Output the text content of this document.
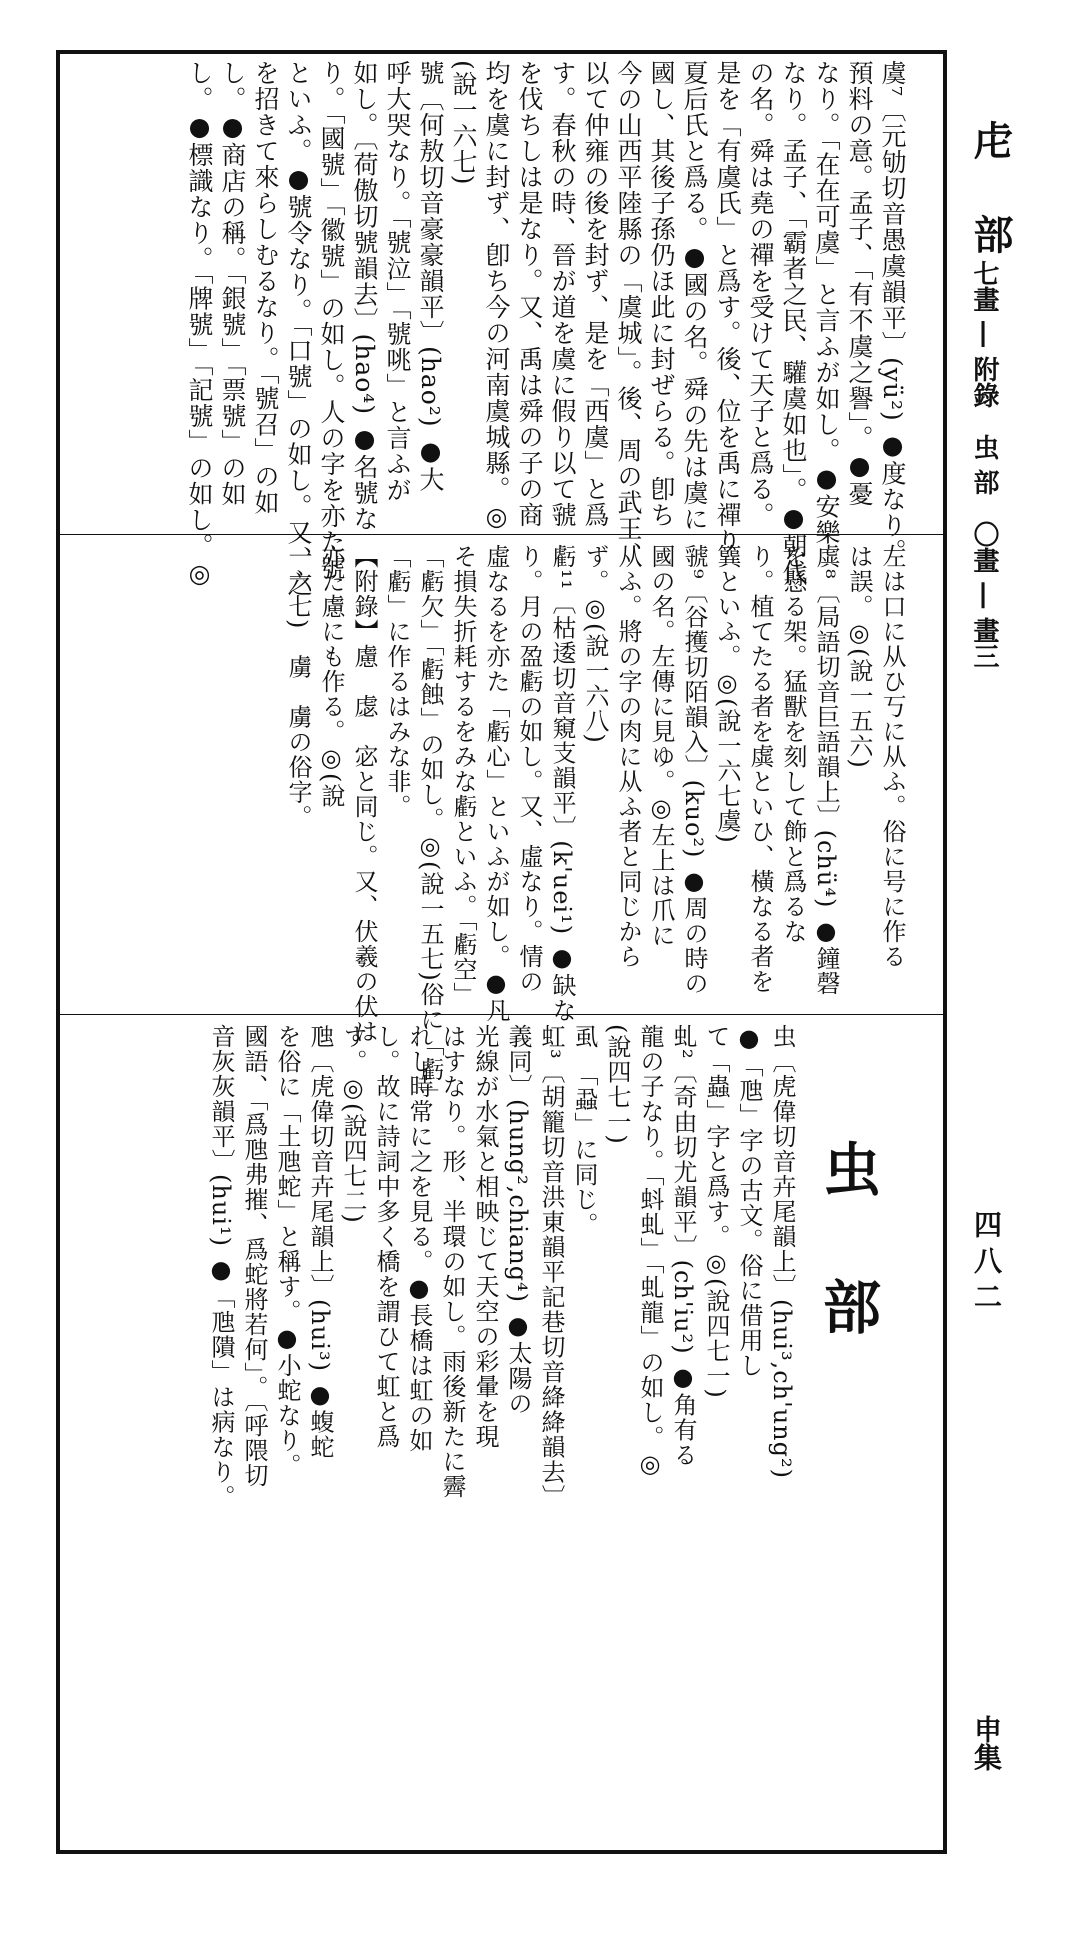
虍 部
七畫 ― 附錄　虫 部　〇畫 ― 畫三
四八二
申集
虫 部
虞⁷〔元劬切音愚虞韻平〕(yü²) ●度なり。
預料の意。孟子、「有不虞之譽」。●憂
なり。「在在可虞」と言ふが如し。●安樂
なり。孟子、「霸者之民、驩虞如也」。●朝代
の名。舜は堯の禪を受けて天子と爲る。
是を「有虞氏」と爲す。後、位を禹に禪り
夏后氏と爲る。●國の名。舜の先は虞に
國し、其後子孫仍ほ此に封ぜらる。卽ち
今の山西平陸縣の「虞城」。後、周の武王、
以て仲雍の後を封ず、是を「西虞」と爲
す。春秋の時、晉が道を虞に假り以て虢
を伐ちしは是なり。又、禹は舜の子の商
均を虞に封ず、卽ち今の河南虞城縣。◎
(說一六七)
號〔何敖切音豪豪韻平〕(hao²) ●大
呼大哭なり。「號泣」「號咷」と言ふが
如し。〔荷傲切號韻去〕(hao⁴) ●名號な
り。「國號」「徽號」の如し。人の字を亦た號
といふ。●號令なり。「口號」の如し。又、之
を招きて來らしむるなり。「號召」の如
し。●商店の稱。「銀號」「票號」の如
し。●標識なり。「牌號」「記號」の如し。◎
左は口に从ひ丂に从ふ。俗に号に作る
は誤。◎(說一五六)
虡⁸〔局語切音巨語韻上〕(chü⁴) ●鐘磬
を懸る架。猛獸を刻して飾と爲るな
り。植てたる者を虡といひ、橫なる者を
簨といふ。◎(說一六七虞)
虢⁹〔谷擭切陌韻入〕(kuo²) ●周の時の
國の名。左傳に見ゆ。◎左上は爪に
从ふ。將の字の肉に从ふ者と同じから
ず。◎(說一六八)
虧¹¹〔枯逶切音窺支韻平〕(k'uei¹) ●缺な
り。月の盈虧の如し。又、虛なり。情の
虛なるを亦た「虧心」といふが如し。●凡
そ損失折耗するをみな虧といふ。「虧空」
「虧欠」「虧蝕」の如し。◎(說一五七)俗に「虧」
「虧」に作るはみな非。
【附錄】慮　虙　宓と同じ。又、伏羲の伏は
亦た慮にも作る。◎(說
一六七)　虜　虜の俗字。
虫〔虎偉切音卉尾韻上〕(hui³,ch'ung²)
●「虺」字の古文。俗に借用し
て「蟲」字と爲す。◎(說四七一)
虬²〔奇由切尤韻平〕(ch'iu²) ●角有る
龍の子なり。「蚪虬」「虬龍」の如し。◎
(說四七一)
虱　「蝨」に同じ。
虹³〔胡籠切音洪東韻平記巷切音絳絳韻去〕
義同〕(hung²,chiang⁴) ●太陽の
光線が水氣と相映じて天空の彩暈を現
はすなり。形、半環の如し。雨後新たに霽
れし時常に之を見る。●長橋は虹の如
し。故に詩詞中多く橋を謂ひて虹と爲
す。◎(說四七二)
虺〔虎偉切音卉尾韻上〕(hui³) ●蝮蛇
を俗に「土虺蛇」と稱す。●小蛇なり。
國語、「爲虺弗摧、爲蛇將若何」。〔呼隈切
音灰灰韻平〕(hui¹) ●「虺隤」は病なり。
